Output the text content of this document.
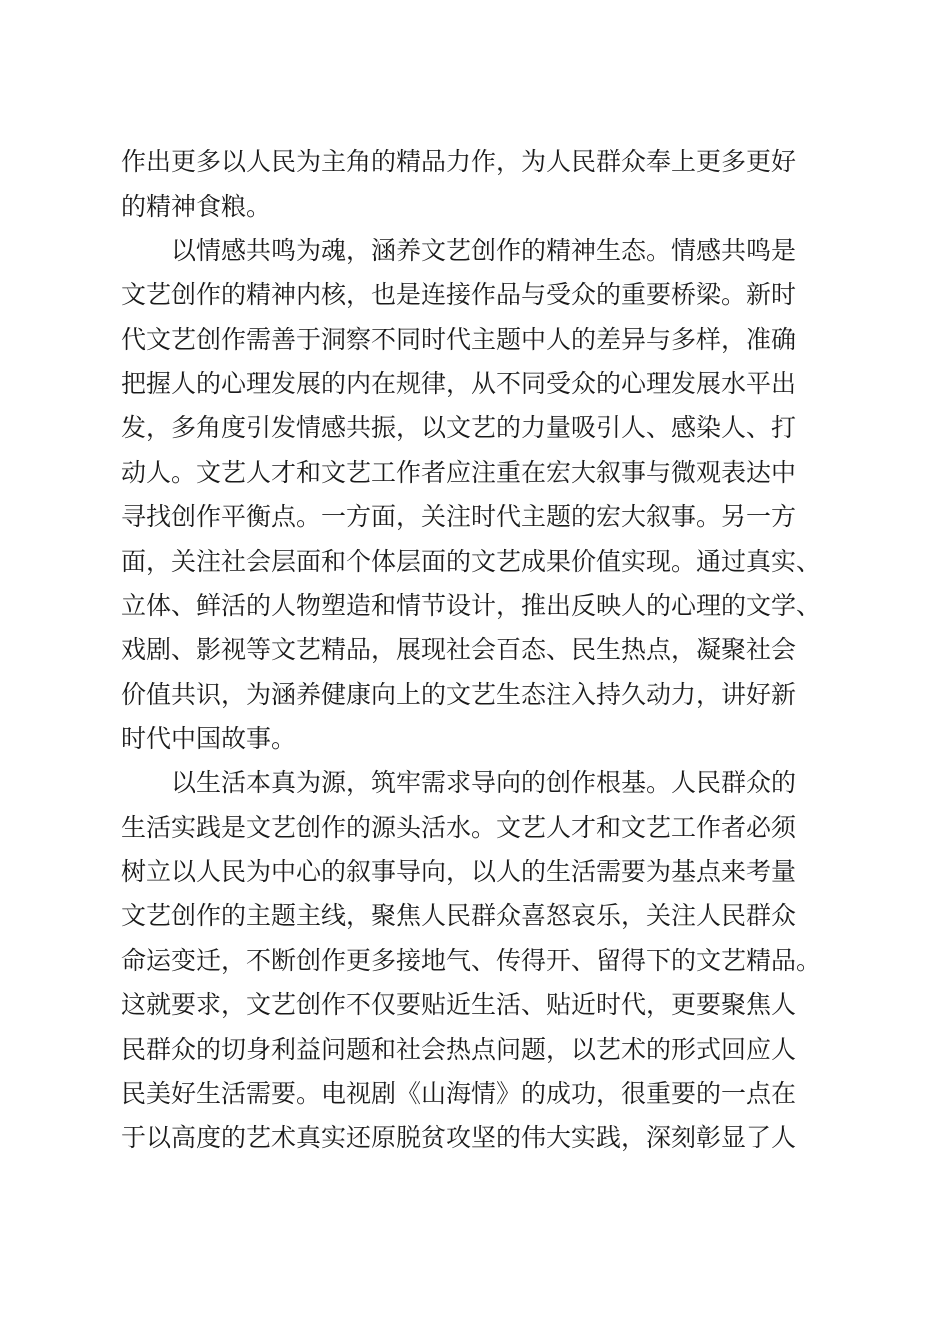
作出更多以人民为主角的精品力作，为人民群众奉上更多更好

的精神食粮。

以情感共鸣为魂，涵养文艺创作的精神生态。情感共鸣是

文艺创作的精神内核，也是连接作品与受众的重要桥梁。新时

代文艺创作需善于洞察不同时代主题中人的差异与多样，准确

把握人的心理发展的内在规律，从不同受众的心理发展水平出

发，多角度引发情感共振，以文艺的力量吸引人、感染人、打

动人。文艺人才和文艺工作者应注重在宏大叙事与微观表达中

寻找创作平衡点。一方面，关注时代主题的宏大叙事。另一方

面，关注社会层面和个体层面的文艺成果价值实现。通过真实、

立体、鲜活的人物塑造和情节设计，推出反映人的心理的文学、

戏剧、影视等文艺精品，展现社会百态、民生热点，凝聚社会

价值共识，为涵养健康向上的文艺生态注入持久动力，讲好新

时代中国故事。

以生活本真为源，筑牢需求导向的创作根基。人民群众的

生活实践是文艺创作的源头活水。文艺人才和文艺工作者必须

树立以人民为中心的叙事导向，以人的生活需要为基点来考量

文艺创作的主题主线，聚焦人民群众喜怒哀乐，关注人民群众

命运变迁，不断创作更多接地气、传得开、留得下的文艺精品。

这就要求，文艺创作不仅要贴近生活、贴近时代，更要聚焦人

民群众的切身利益问题和社会热点问题，以艺术的形式回应人

民美好生活需要。电视剧《山海情》的成功，很重要的一点在

于以高度的艺术真实还原脱贫攻坚的伟大实践，深刻彰显了人
